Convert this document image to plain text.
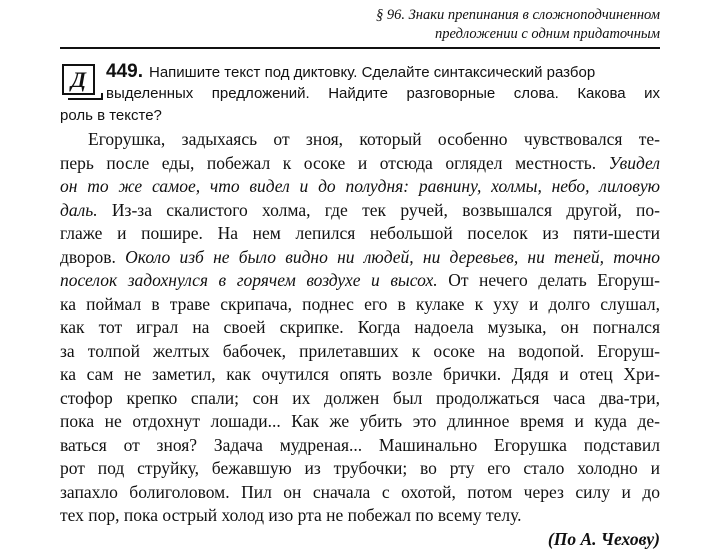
§ 96. Знаки препинания в сложноподчиненном
предложении с одним придаточным
Д	449. Напишите текст под диктовку. Сделайте синтаксический разбор
выделенных предложений. Найдите разговорные слова. Какова их
роль в тексте?
Егорушка, задыхаясь от зноя, который особенно чувствовался те-
перь после еды, побежал к осоке и отсюда оглядел местность. Увидел
он то же самое, что видел и до полудня: равнину, холмы, небо, лиловую
даль. Из-за скалистого холма, где тек ручей, возвышался другой, по-
глаже и пошире. На нем лепился небольшой поселок из пяти-шести
дворов. Около изб не было видно ни людей, ни деревьев, ни теней, точно
поселок задохнулся в горячем воздухе и высох. От нечего делать Егоруш-
ка поймал в траве скрипача, поднес его в кулаке к уху и долго слушал,
как тот играл на своей скрипке. Когда надоела музыка, он погнался
за толпой желтых бабочек, прилетавших к осоке на водопой. Егоруш-
ка сам не заметил, как очутился опять возле брички. Дядя и отец Хри-
стофор крепко спали; сон их должен был продолжаться часа два-три,
пока не отдохнут лошади... Как же убить это длинное время и куда де-
ваться от зноя? Задача мудреная... Машинально Егорушка подставил
рот под струйку, бежавшую из трубочки; во рту его стало холодно и
запахло болиголовом. Пил он сначала с охотой, потом через силу и до
тех пор, пока острый холод изо рта не побежал по всему телу.
(По А. Чехову)
